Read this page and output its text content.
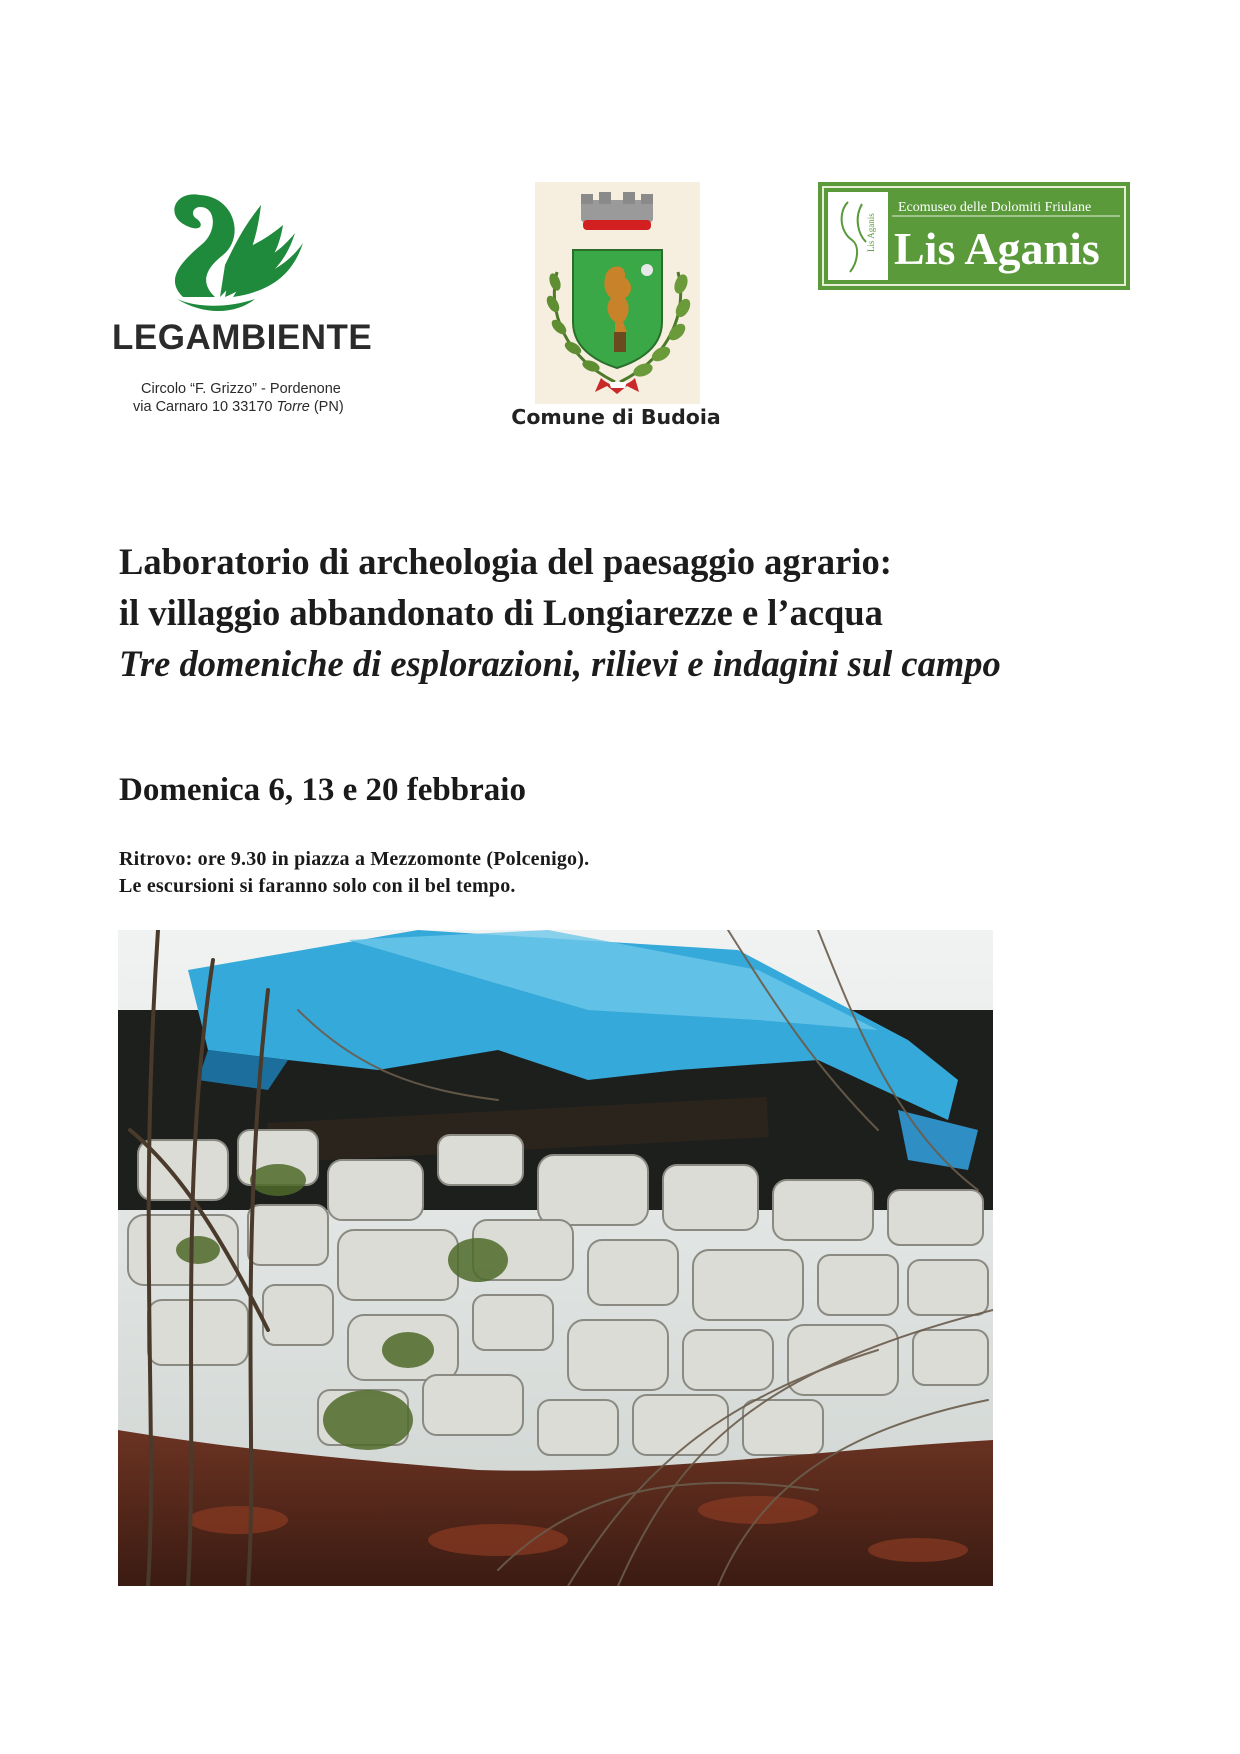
LEGAMBIENTE
Circolo “F. Grizzo” - Pordenone
via Carnaro 10 33170 Torre (PN)	Comune di Budoia
Lis Aganis
Ecomuseo delle Dolomiti Friulane
Lis Aganis
Laboratorio di archeologia del paesaggio agrario:
il villaggio abbandonato di Longiarezze e l’acqua
Tre domeniche di esplorazioni, rilievi e indagini sul campo
Domenica 6, 13 e 20 febbraio
Ritrovo: ore 9.30 in piazza a Mezzomonte (Polcenigo).
Le escursioni si faranno solo con il bel tempo.
